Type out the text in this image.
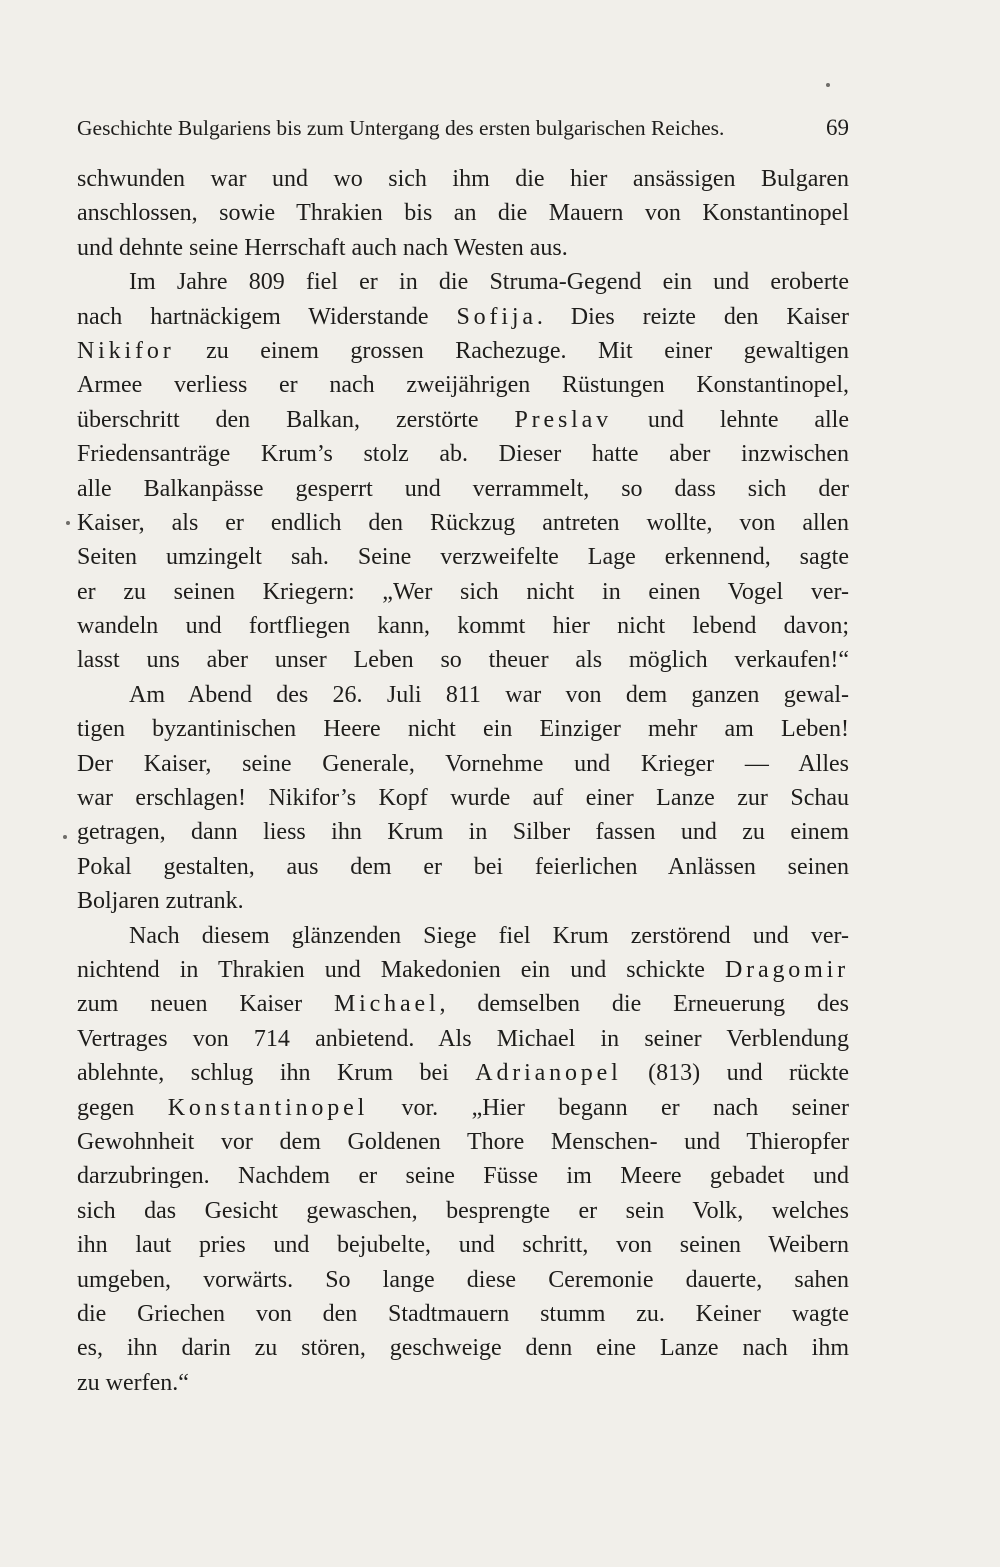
Geschichte Bulgariens bis zum Untergang des ersten bulgarischen Reiches.	69
schwunden war und wo sich ihm die hier ansässigen Bulgaren
anschlossen, sowie Thrakien bis an die Mauern von Konstantinopel
und dehnte seine Herrschaft auch nach Westen aus.
Im Jahre 809 fiel er in die Struma-Gegend ein und eroberte
nach hartnäckigem Widerstande Sofija. Dies reizte den Kaiser
Nikifor zu einem grossen Rachezuge. Mit einer gewaltigen
Armee verliess er nach zweijährigen Rüstungen Konstantinopel,
überschritt den Balkan, zerstörte Preslav und lehnte alle
Friedensanträge Krum’s stolz ab. Dieser hatte aber inzwischen
alle Balkanpässe gesperrt und verrammelt, so dass sich der
Kaiser, als er endlich den Rückzug antreten wollte, von allen
Seiten umzingelt sah. Seine verzweifelte Lage erkennend, sagte
er zu seinen Kriegern: „Wer sich nicht in einen Vogel ver-
wandeln und fortfliegen kann, kommt hier nicht lebend davon;
lasst uns aber unser Leben so theuer als möglich verkaufen!“
Am Abend des 26. Juli 811 war von dem ganzen gewal-
tigen byzantinischen Heere nicht ein Einziger mehr am Leben!
Der Kaiser, seine Generale, Vornehme und Krieger — Alles
war erschlagen! Nikifor’s Kopf wurde auf einer Lanze zur Schau
getragen, dann liess ihn Krum in Silber fassen und zu einem
Pokal gestalten, aus dem er bei feierlichen Anlässen seinen
Boljaren zutrank.
Nach diesem glänzenden Siege fiel Krum zerstörend und ver-
nichtend in Thrakien und Makedonien ein und schickte Dragomir
zum neuen Kaiser Michael, demselben die Erneuerung des
Vertrages von 714 anbietend. Als Michael in seiner Verblendung
ablehnte, schlug ihn Krum bei Adrianopel (813) und rückte
gegen Konstantinopel vor. „Hier begann er nach seiner
Gewohnheit vor dem Goldenen Thore Menschen- und Thieropfer
darzubringen. Nachdem er seine Füsse im Meere gebadet und
sich das Gesicht gewaschen, besprengte er sein Volk, welches
ihn laut pries und bejubelte, und schritt, von seinen Weibern
umgeben, vorwärts. So lange diese Ceremonie dauerte, sahen
die Griechen von den Stadtmauern stumm zu. Keiner wagte
es, ihn darin zu stören, geschweige denn eine Lanze nach ihm
zu werfen.“
